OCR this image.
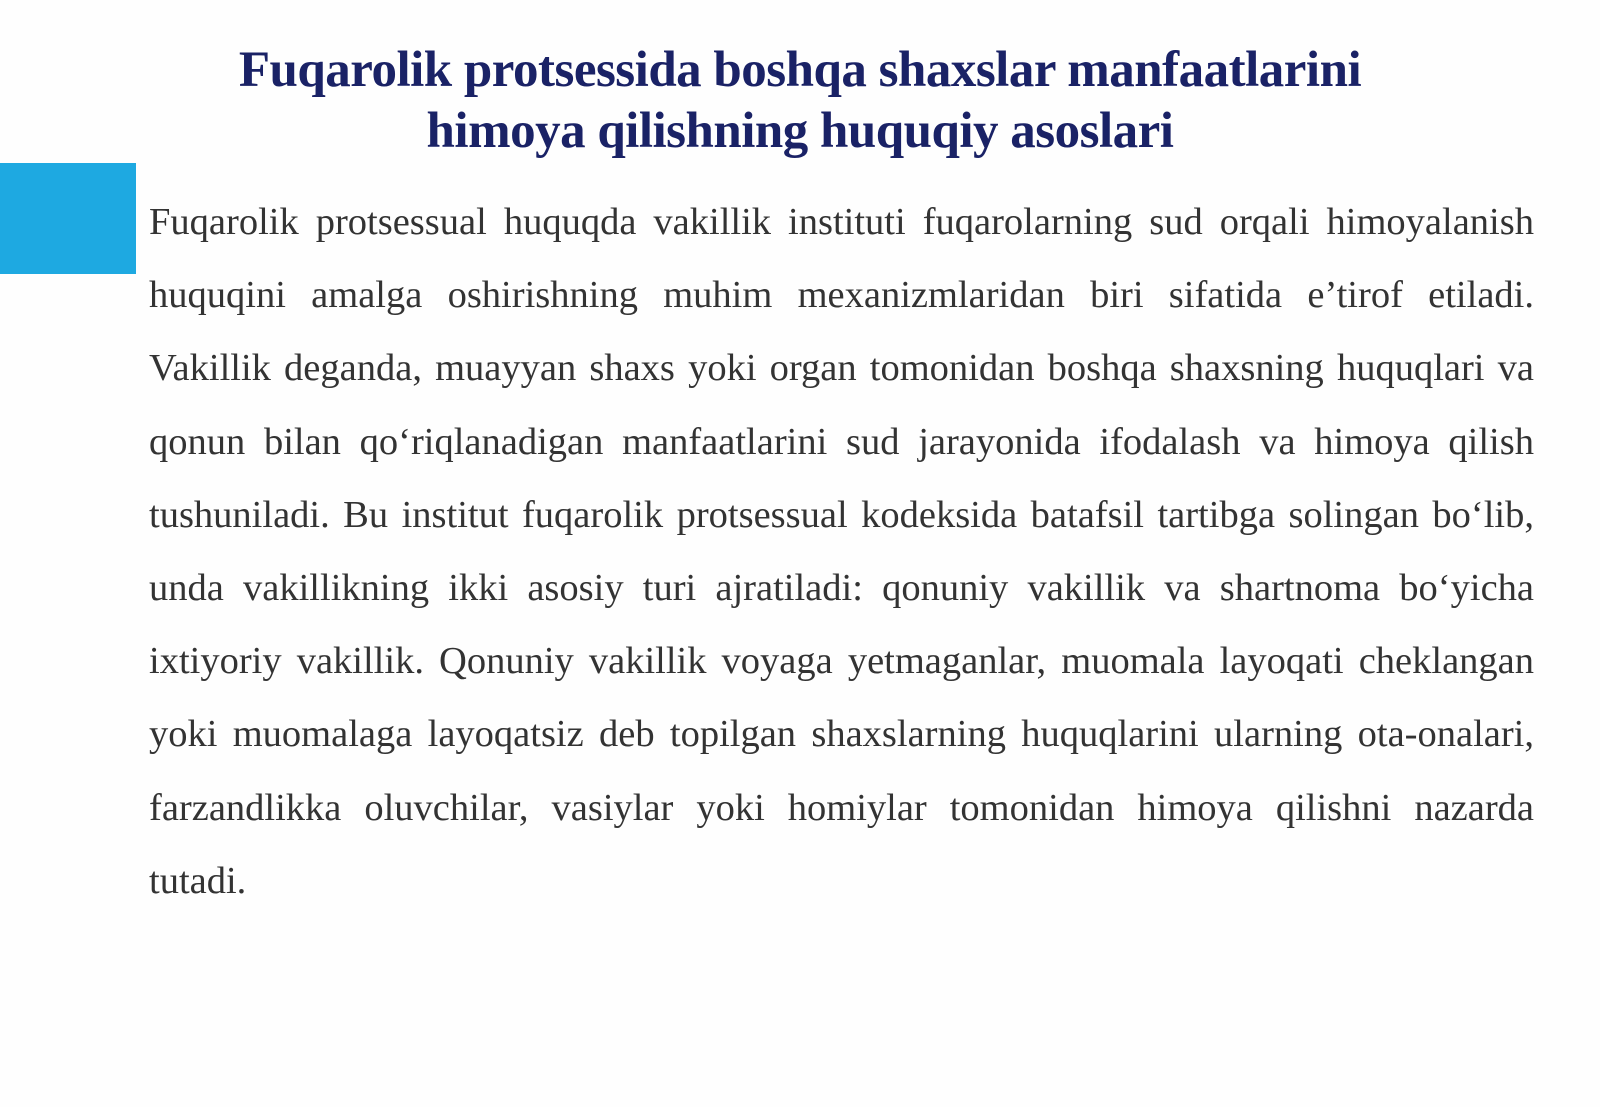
Fuqarolik protsessida boshqa shaxslar manfaatlarini
himoya qilishning huquqiy asoslari

Fuqarolik protsessual huquqda vakillik instituti fuqarolarning sud orqali himoyalanish huquqini amalga oshirishning muhim mexanizmlaridan biri sifatida e’tirof etiladi. Vakillik deganda, muayyan shaxs yoki organ tomonidan boshqa shaxsning huquqlari va qonun bilan qo‘riqlanadigan manfaatlarini sud jarayonida ifodalash va himoya qilish tushuniladi. Bu institut fuqarolik protsessual kodeksida batafsil tartibga solingan bo‘lib, unda vakillikning ikki asosiy turi ajratiladi: qonuniy vakillik va shartnoma bo‘yicha ixtiyoriy vakillik. Qonuniy vakillik voyaga yetmaganlar, muomala layoqati cheklangan yoki muomalaga layoqatsiz deb topilgan shaxslarning huquqlarini ularning ota-onalari, farzandlikka oluvchilar, vasiylar yoki homiylar tomonidan himoya qilishni nazarda tutadi.
